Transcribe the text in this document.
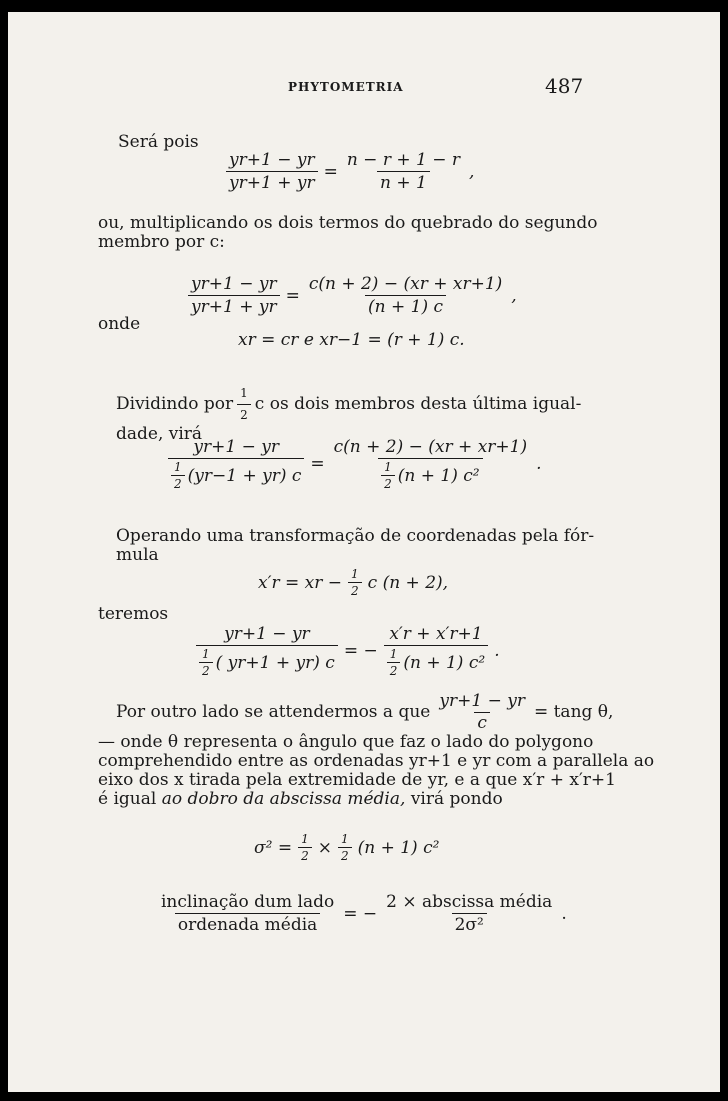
PHYTOMETRIA	487
Será pois
$\frac{yr+1 - yr}{yr+1 + yr} = \frac{n - r + 1 - r}{n + 1}$ ,
ou, multiplicando os dois termos do quebrado do segundo
membro por c:
$\frac{yr+1 - yr}{yr+1 + yr} = \frac{c(n + 2) - (xr + xr+1)}{(n + 1) c}$ ,
onde
xr = cr e xr−1 = (r + 1) c.
Dividindo por $\frac{1}{2}$ c os dois membros desta última igual-
dade, virá
$\frac{yr+1 - yr}{\frac{1}{2} (yr-1 + yr) c} = \frac{c(n + 2) - (xr + xr+1)}{\frac{1}{2} (n + 1) c^2}$ .
Operando uma transformação de coordenadas pela fór-
mula
x′r = xr − $\frac{1}{2}$ c (n + 2),
teremos
$\frac{yr+1 - yr}{\frac{1}{2} ( yr+1 + yr) c}$ = − $\frac{x'r + x'r+1}{\frac{1}{2} (n + 1) c^2}$ .
Por outro lado se attendermos a que $\frac{yr+1 - yr}{c} = \tan g$ θ,
— onde θ representa o ângulo que faz o lado do polygono
comprehendido entre as ordenadas yr+1 e yr com a parallela ao
eixo dos x tirada pela extremidade de yr, e a que x′r + x′r+1
é igual ao dobro da abscissa média, virá pondo
$\sigma^2 = \frac{1}{2} \times \frac{1}{2} (n + 1)$ c²
$\frac{\text{inclinação dum lado}}{\text{ordenada média}}$ = − $\frac{\text{2 × abscissa média}}{\text{2σ²}}$ .
